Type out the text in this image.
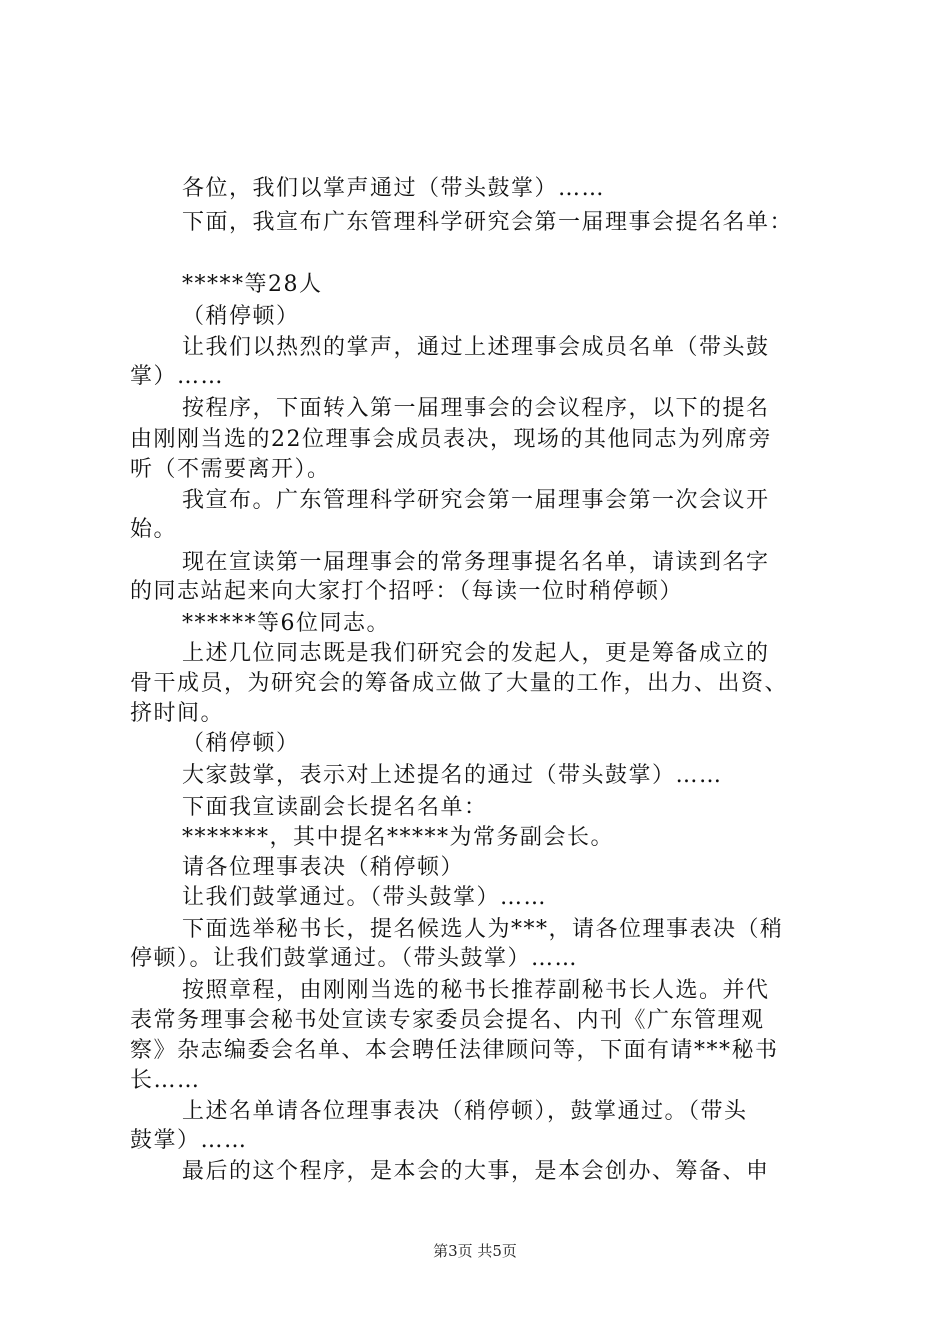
各位，我们以掌声通过（带头鼓掌）……
下面，我宣布广东管理科学研究会第一届理事会提名名单：
*****等28人
（稍停顿）
让我们以热烈的掌声，通过上述理事会成员名单（带头鼓
掌）……
按程序，下面转入第一届理事会的会议程序，以下的提名
由刚刚当选的22位理事会成员表决，现场的其他同志为列席旁
听（不需要离开）。
我宣布。广东管理科学研究会第一届理事会第一次会议开
始。
现在宣读第一届理事会的常务理事提名名单，请读到名字
的同志站起来向大家打个招呼：（每读一位时稍停顿）
******等6位同志。
上述几位同志既是我们研究会的发起人，更是筹备成立的
骨干成员，为研究会的筹备成立做了大量的工作，出力、出资、
挤时间。
（稍停顿）
大家鼓掌，表示对上述提名的通过（带头鼓掌）……
下面我宣读副会长提名名单：
*******，其中提名*****为常务副会长。
请各位理事表决（稍停顿）
让我们鼓掌通过。（带头鼓掌）……
下面选举秘书长，提名候选人为***，请各位理事表决（稍
停顿）。让我们鼓掌通过。（带头鼓掌）……
按照章程，由刚刚当选的秘书长推荐副秘书长人选。并代
表常务理事会秘书处宣读专家委员会提名、内刊《广东管理观
察》杂志编委会名单、本会聘任法律顾问等，下面有请***秘书
长……
上述名单请各位理事表决（稍停顿），鼓掌通过。（带头
鼓掌）……
最后的这个程序，是本会的大事，是本会创办、筹备、申
第3页 共5页
